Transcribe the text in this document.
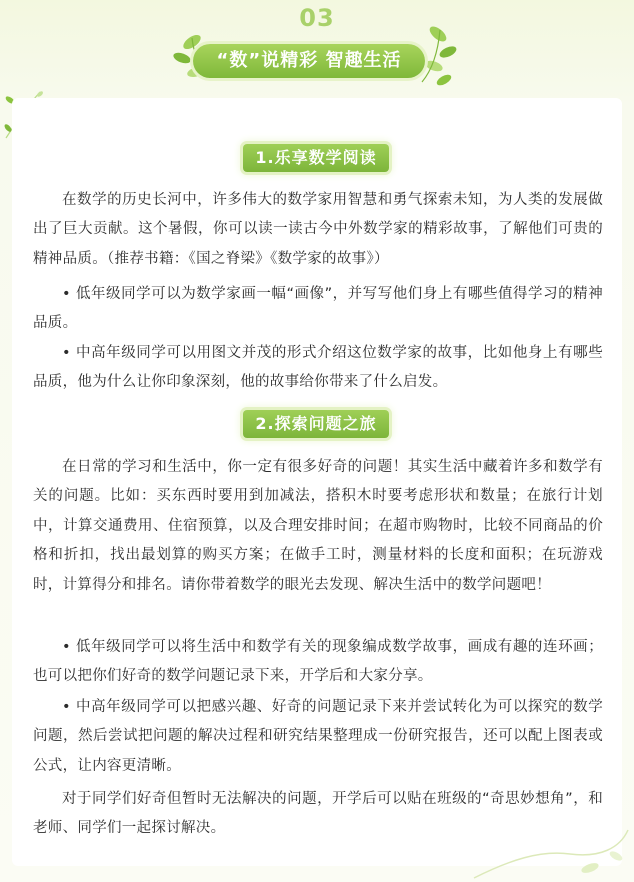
03
“数”说精彩 智趣生活
1.乐享数学阅读

在数学的历史长河中，许多伟大的数学家用智慧和勇气探索未知，为人类的发展做出了巨大贡献。这个暑假，你可以读一读古今中外数学家的精彩故事，了解他们可贵的精神品质。（推荐书籍：《国之脊梁》《数学家的故事》）

• 低年级同学可以为数学家画一幅“画像”，并写写他们身上有哪些值得学习的精神品质。

• 中高年级同学可以用图文并茂的形式介绍这位数学家的故事，比如他身上有哪些品质，他为什么让你印象深刻，他的故事给你带来了什么启发。

2.探索问题之旅

在日常的学习和生活中，你一定有很多好奇的问题！其实生活中藏着许多和数学有关的问题。比如：买东西时要用到加减法，搭积木时要考虑形状和数量；在旅行计划中，计算交通费用、住宿预算，以及合理安排时间；在超市购物时，比较不同商品的价格和折扣，找出最划算的购买方案；在做手工时，测量材料的长度和面积；在玩游戏时，计算得分和排名。请你带着数学的眼光去发现、解决生活中的数学问题吧！

• 低年级同学可以将生活中和数学有关的现象编成数学故事，画成有趣的连环画；也可以把你们好奇的数学问题记录下来，开学后和大家分享。

• 中高年级同学可以把感兴趣、好奇的问题记录下来并尝试转化为可以探究的数学问题，然后尝试把问题的解决过程和研究结果整理成一份研究报告，还可以配上图表或公式，让内容更清晰。

对于同学们好奇但暂时无法解决的问题，开学后可以贴在班级的“奇思妙想角”，和老师、同学们一起探讨解决。
